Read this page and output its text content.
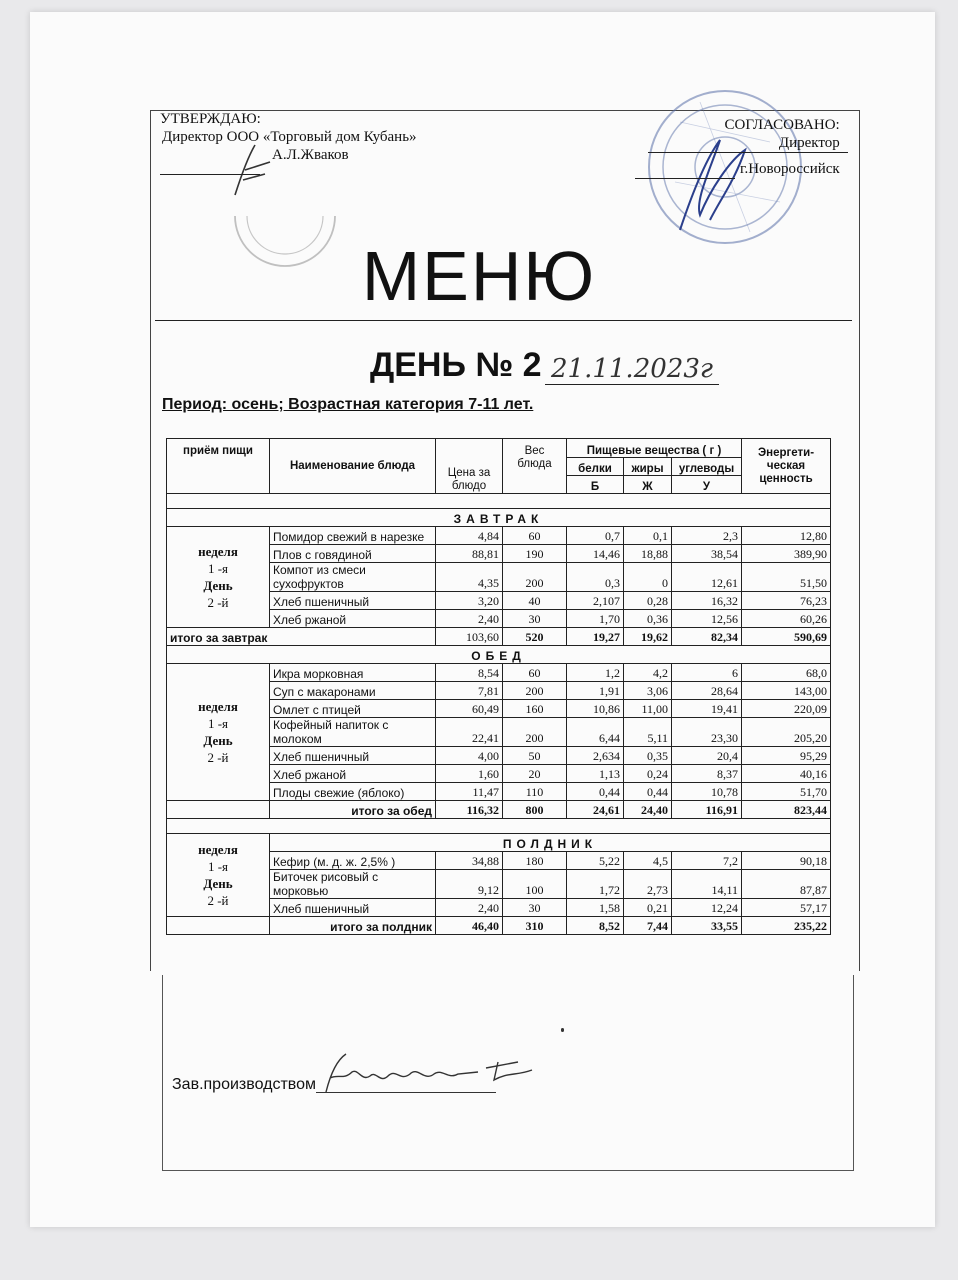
УТВЕРЖДАЮ:
Директор ООО «Торговый дом Кубань»
А.Л.Жваков
СОГЛАСОВАНО:
Директор
г.Новороссийск
МЕНЮ
ДЕНЬ № 2 21.11.2023г
Период: осень; Возрастная категория 7-11 лет.
приём пищи	Наименование блюда	Цена за блюдо	Вес блюда	Пищевые вещества ( г )			Энергети- ческая ценность
				белки	жиры	углеводы	
				Б	Ж	У	

ЗАВТРАК							

неделя
1 -я
День
2 -й	Помидор свежий в нарезке	4,84	60	0,7	0,1	2,3	12,80
	Плов с говядиной	88,81	190	14,46	18,88	38,54	389,90
	Компот из смеси сухофруктов	4,35	200	0,3	0	12,61	51,50
	Хлеб пшеничный	3,20	40	2,107	0,28	16,32	76,23
	Хлеб ржаной	2,40	30	1,70	0,36	12,56	60,26
итого за завтрак		103,60	520	19,27	19,62	82,34	590,69
ОБЕД							

неделя
1 -я
День
2 -й	Икра морковная	8,54	60	1,2	4,2	6	68,0
	Суп с макаронами	7,81	200	1,91	3,06	28,64	143,00
	Омлет с птицей	60,49	160	10,86	11,00	19,41	220,09
	Кофейный напиток с молоком	22,41	200	6,44	5,11	23,30	205,20
	Хлеб пшеничный	4,00	50	2,634	0,35	20,4	95,29
	Хлеб ржаной	1,60	20	1,13	0,24	8,37	40,16
	Плоды свежие (яблоко)	11,47	110	0,44	0,44	10,78	51,70
	итого за обед	116,32	800	24,61	24,40	116,91	823,44

неделя
1 -я
День
2 -й	ПОЛДНИК						
	Кефир (м. д. ж. 2,5% )	34,88	180	5,22	4,5	7,2	90,18
	Биточек рисовый с морковью	9,12	100	1,72	2,73	14,11	87,87
	Хлеб пшеничный	2,40	30	1,58	0,21	12,24	57,17
	итого за полдник	46,40	310	8,52	7,44	33,55	235,22
Зав.производством
